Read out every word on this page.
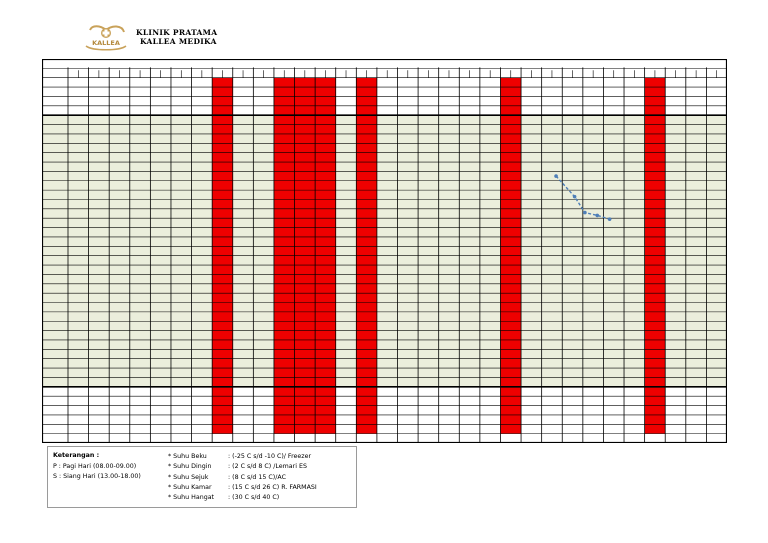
KALLEA
KLINIK PRATAMA
KALLEA MEDIKA
Keterangan :
P : Pagi Hari (08.00-09.00)
S : Siang Hari (13.00-18.00)
* Suhu Beku	: (-25 C s/d -10 C)/ Freezer
* Suhu Dingin	: (2 C s/d 8 C) /Lemari ES
* Suhu Sejuk	: (8 C s/d 15 C)/AC
* Suhu Kamar	: (15 C s/d 26 C) R. FARMASI
* Suhu Hangat : (30 C s/d 40 C)
